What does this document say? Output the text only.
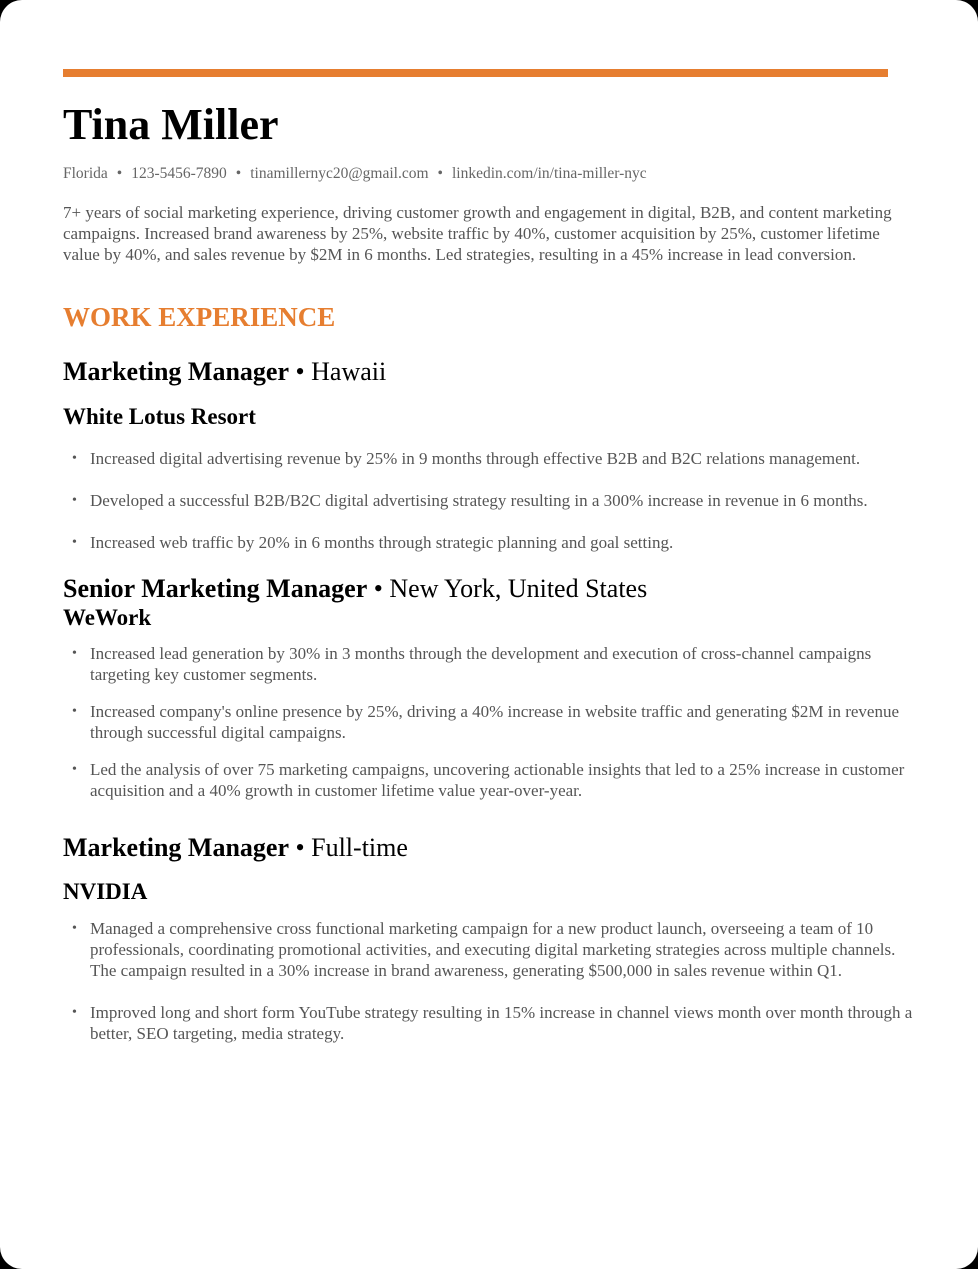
Tina Miller
Florida • 123-5456-7890 • tinamillernyc20@gmail.com • linkedin.com/in/tina-miller-nyc
7+ years of social marketing experience, driving customer growth and engagement in digital, B2B, and content marketing campaigns. Increased brand awareness by 25%, website traffic by 40%, customer acquisition by 25%, customer lifetime value by 40%, and sales revenue by $2M in 6 months. Led strategies, resulting in a 45% increase in lead conversion.
WORK EXPERIENCE
Marketing Manager • Hawaii
White Lotus Resort
• Increased digital advertising revenue by 25% in 9 months through effective B2B and B2C relations management.
• Developed a successful B2B/B2C digital advertising strategy resulting in a 300% increase in revenue in 6 months.
• Increased web traffic by 20% in 6 months through strategic planning and goal setting.
Senior Marketing Manager • New York, United States
WeWork
• Increased lead generation by 30% in 3 months through the development and execution of cross-channel campaigns targeting key customer segments.
• Increased company's online presence by 25%, driving a 40% increase in website traffic and generating $2M in revenue through successful digital campaigns.
• Led the analysis of over 75 marketing campaigns, uncovering actionable insights that led to a 25% increase in customer acquisition and a 40% growth in customer lifetime value year-over-year.
Marketing Manager • Full-time
NVIDIA
• Managed a comprehensive cross functional marketing campaign for a new product launch, overseeing a team of 10 professionals, coordinating promotional activities, and executing digital marketing strategies across multiple channels. The campaign resulted in a 30% increase in brand awareness, generating $500,000 in sales revenue within Q1.
• Improved long and short form YouTube strategy resulting in 15% increase in channel views month over month through a better, SEO targeting, media strategy.
